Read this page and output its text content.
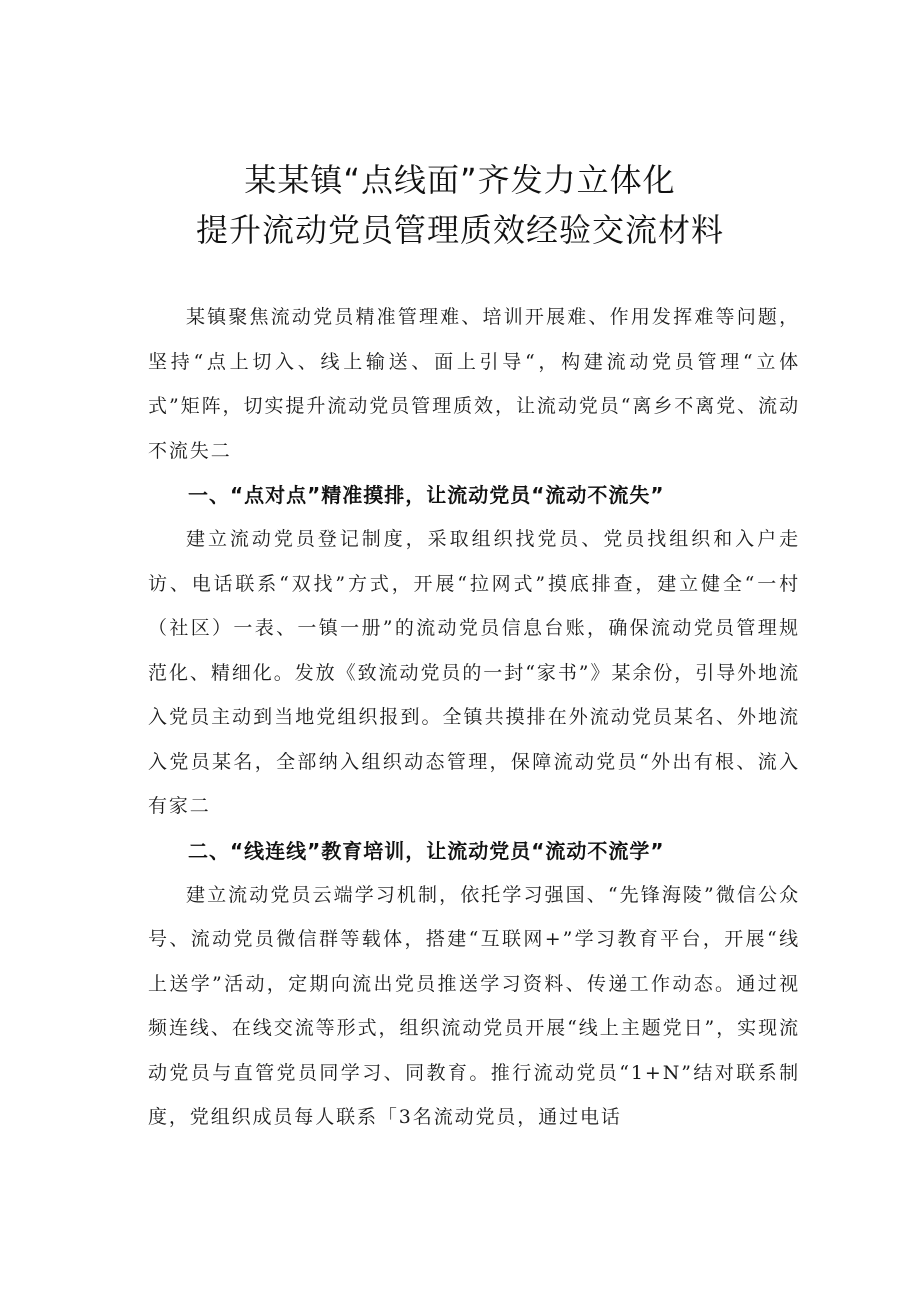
某某镇“点线面”齐发力立体化
提升流动党员管理质效经验交流材料

某镇聚焦流动党员精准管理难、培训开展难、作用发挥难等问题，坚持“点上切入、线上输送、面上引导“，构建流动党员管理“立体式”矩阵，切实提升流动党员管理质效，让流动党员“离乡不离党、流动不流失二

一、“点对点”精准摸排，让流动党员“流动不流失”

建立流动党员登记制度，采取组织找党员、党员找组织和入户走访、电话联系“双找”方式，开展“拉网式”摸底排查，建立健全“一村（社区）一表、一镇一册”的流动党员信息台账，确保流动党员管理规范化、精细化。发放《致流动党员的一封“家书”》某余份，引导外地流入党员主动到当地党组织报到。全镇共摸排在外流动党员某名、外地流入党员某名，全部纳入组织动态管理，保障流动党员“外出有根、流入有家二

二、“线连线”教育培训，让流动党员“流动不流学”

建立流动党员云端学习机制，依托学习强国、“先锋海陵”微信公众号、流动党员微信群等载体，搭建“互联网+”学习教育平台，开展“线上送学”活动，定期向流出党员推送学习资料、传递工作动态。通过视频连线、在线交流等形式，组织流动党员开展“线上主题党日”，实现流动党员与直管党员同学习、同教育。推行流动党员“1+N”结对联系制度，党组织成员每人联系「3名流动党员，通过电话
